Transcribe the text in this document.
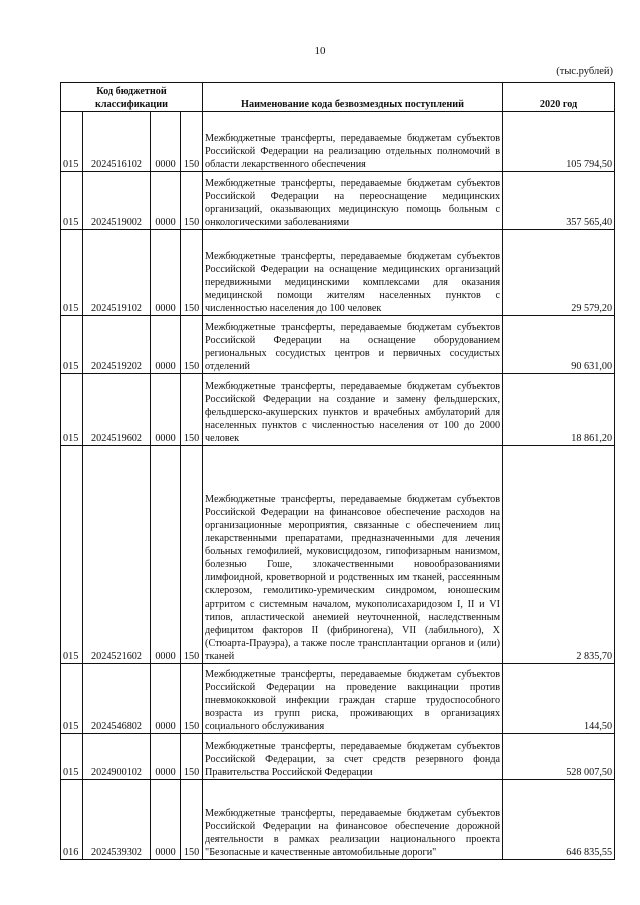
10
(тыс.рублей)
Код бюджетной классификации				Наименование кода безвозмездных поступлений	2020 год
015	2024516102	0000	150	Межбюджетные трансферты, передаваемые бюджетам субъектов Российской Федерации на реализацию отдельных полномочий в области лекарственного обеспечения	105 794,50
015	2024519002	0000	150	Межбюджетные трансферты, передаваемые бюджетам субъектов Российской Федерации на переоснащение медицинских организаций, оказывающих медицинскую помощь больным с онкологическими заболеваниями	357 565,40
015	2024519102	0000	150	Межбюджетные трансферты, передаваемые бюджетам субъектов Российской Федерации на оснащение медицинских организаций передвижными медицинскими комплексами для оказания медицинской помощи жителям населенных пунктов с численностью населения до 100 человек	29 579,20
015	2024519202	0000	150	Межбюджетные трансферты, передаваемые бюджетам субъектов Российской Федерации на оснащение оборудованием региональных сосудистых центров и первичных сосудистых отделений	90 631,00
015	2024519602	0000	150	Межбюджетные трансферты, передаваемые бюджетам субъектов Российской Федерации на создание и замену фельдшерских, фельдшерско-акушерских пунктов и врачебных амбулаторий для населенных пунктов с численностью населения от 100 до 2000 человек	18 861,20
015	2024521602	0000	150	Межбюджетные трансферты, передаваемые бюджетам субъектов Российской Федерации на финансовое обеспечение расходов на организационные мероприятия, связанные с обеспечением лиц лекарственными препаратами, предназначенными для лечения больных гемофилией, муковисцидозом, гипофизарным нанизмом, болезнью Гоше, злокачественными новообразованиями лимфоидной, кроветворной и родственных им тканей, рассеянным склерозом, гемолитико-уремическим синдромом, юношеским артритом с системным началом, мукополисахаридозом I, II и VI типов, апластической анемией неуточненной, наследственным дефицитом факторов II (фибриногена), VII (лабильного), X (Стюарта-Прауэра), а также после трансплантации органов и (или) тканей	2 835,70
015	2024546802	0000	150	Межбюджетные трансферты, передаваемые бюджетам субъектов Российской Федерации на проведение вакцинации против пневмококковой инфекции граждан старше трудоспособного возраста из групп риска, проживающих в организациях социального обслуживания	144,50
015	2024900102	0000	150	Межбюджетные трансферты, передаваемые бюджетам субъектов Российской Федерации, за счет средств резервного фонда Правительства Российской Федерации	528 007,50
016	2024539302	0000	150	Межбюджетные трансферты, передаваемые бюджетам субъектов Российской Федерации на финансовое обеспечение дорожной деятельности в рамках реализации национального проекта "Безопасные и качественные автомобильные дороги"	646 835,55
